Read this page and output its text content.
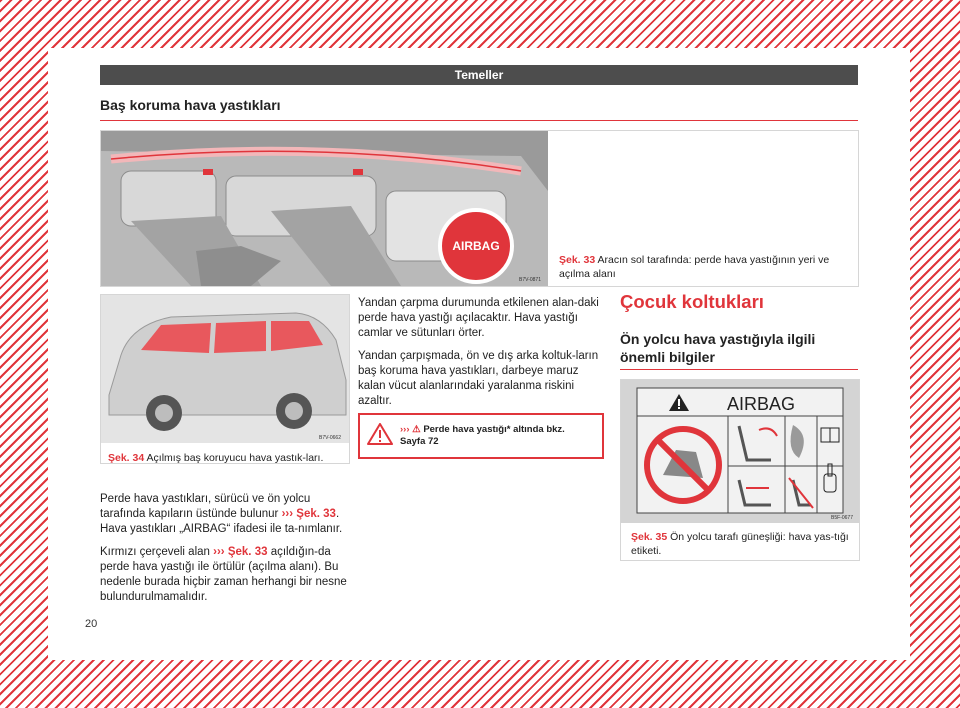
Temeller
Baş koruma hava yastıkları
AIRBAG
B7V-0871
Şek. 33 Aracın sol tarafında: perde hava yastığının yeri ve açılma alanı
B7V-0662
Şek. 34 Açılmış baş koruyucu hava yastık-ları.

Perde hava yastıkları, sürücü ve ön yolcu tarafında kapıların üstünde bulunur ››› Şek. 33. Hava yastıkları „AIRBAG“ ifadesi ile ta-nımlanır.

Kırmızı çerçeveli alan ››› Şek. 33 açıldığın-da perde hava yastığı ile örtülür (açılma alanı). Bu nedenle burada hiçbir zaman herhangi bir nesne bulundurulmamalıdır.

Yandan çarpma durumunda etkilenen alan-daki perde hava yastığı açılacaktır. Hava yastığı camlar ve sütunları örter.

Yandan çarpışmada, ön ve dış arka koltuk-ların baş koruma hava yastıkları, darbeye maruz kalan vücut alanlarındaki yaralanma riskini azaltır.

››› ⚠ Perde hava yastığı* altında bkz.
Sayfa 72
Çocuk koltukları
Ön yolcu hava yastığıyla ilgili önemli bilgiler
AIRBAG
B5F-0677
Şek. 35 Ön yolcu tarafı güneşliği: hava yas-tığı etiketi.
20
